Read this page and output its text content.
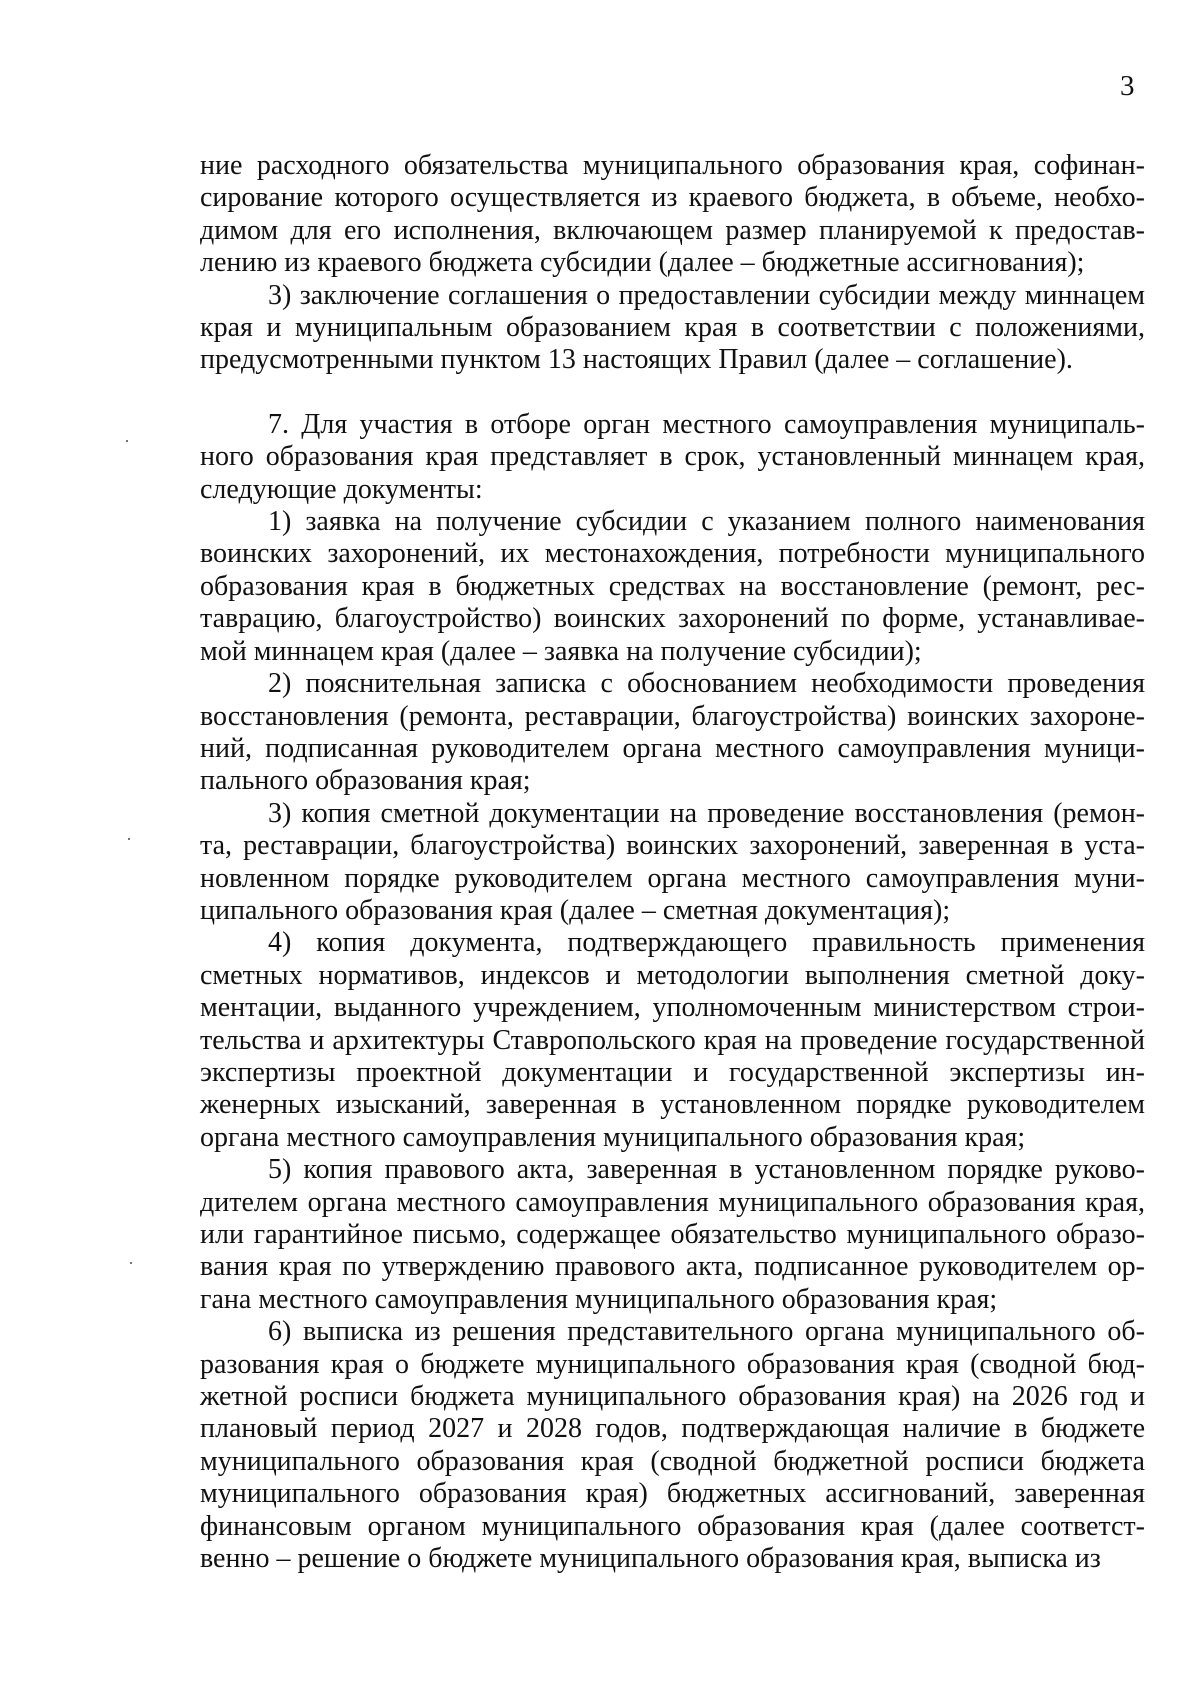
3

ние расходного обязательства муниципального образования края, софинансирование которого осуществляется из краевого бюджета, в объеме, необходимом для его исполнения, включающем размер планируемой к предоставлению из краевого бюджета субсидии (далее – бюджетные ассигнования);

3) заключение соглашения о предоставлении субсидии между миннацем края и муниципальным образованием края в соответствии с положениями, предусмотренными пунктом 13 настоящих Правил (далее – соглашение).

7. Для участия в отборе орган местного самоуправления муниципального образования края представляет в срок, установленный миннацем края, следующие документы:

1) заявка на получение субсидии с указанием полного наименования воинских захоронений, их местонахождения, потребности муниципального образования края в бюджетных средствах на восстановление (ремонт, реставрацию, благоустройство) воинских захоронений по форме, устанавливаемой миннацем края (далее – заявка на получение субсидии);

2) пояснительная записка с обоснованием необходимости проведения восстановления (ремонта, реставрации, благоустройства) воинских захоронений, подписанная руководителем органа местного самоуправления муниципального образования края;

3) копия сметной документации на проведение восстановления (ремонта, реставрации, благоустройства) воинских захоронений, заверенная в установленном порядке руководителем органа местного самоуправления муниципального образования края (далее – сметная документация);

4) копия документа, подтверждающего правильность применения сметных нормативов, индексов и методологии выполнения сметной документации, выданного учреждением, уполномоченным министерством строительства и архитектуры Ставропольского края на проведение государственной экспертизы проектной документации и государственной экспертизы инженерных изысканий, заверенная в установленном порядке руководителем органа местного самоуправления муниципального образования края;

5) копия правового акта, заверенная в установленном порядке руководителем органа местного самоуправления муниципального образования края, или гарантийное письмо, содержащее обязательство муниципального образования края по утверждению правового акта, подписанное руководителем органа местного самоуправления муниципального образования края;

6) выписка из решения представительного органа муниципального образования края о бюджете муниципального образования края (сводной бюджетной росписи бюджета муниципального образования края) на 2026 год и плановый период 2027 и 2028 годов, подтверждающая наличие в бюджете муниципального образования края (сводной бюджетной росписи бюджета муниципального образования края) бюджетных ассигнований, заверенная финансовым органом муниципального образования края (далее соответственно – решение о бюджете муниципального образования края, выписка из
